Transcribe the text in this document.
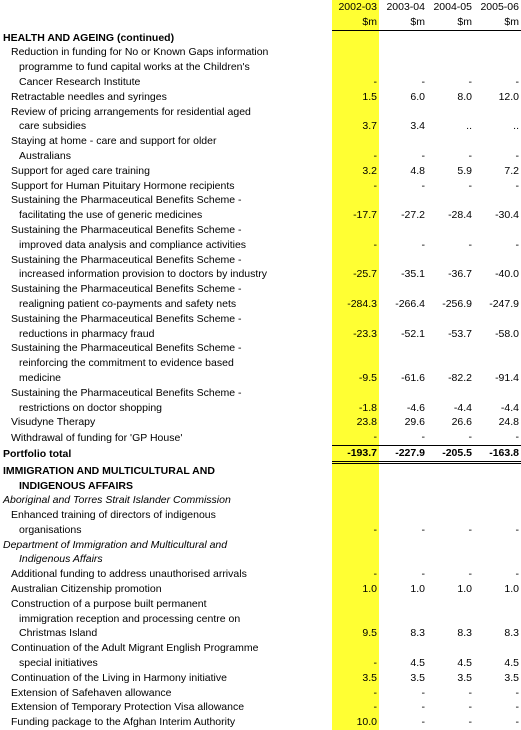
	2002-03	2003-04	2004-05	2005-06
	$m	$m	$m	$m
HEALTH AND AGEING (continued)				
Reduction in funding for No or Known Gaps information				
programme to fund capital works at the Children's				
Cancer Research Institute	-	-	-	-
Retractable needles and syringes	1.5	6.0	8.0	12.0
Review of pricing arrangements for residential aged				
care subsidies	3.7	3.4	..	..
Staying at home - care and support for older				
Australians	-	-	-	-
Support for aged care training	3.2	4.8	5.9	7.2
Support for Human Pituitary Hormone recipients	-	-	-	-
Sustaining the Pharmaceutical Benefits Scheme -				
facilitating the use of generic medicines	-17.7	-27.2	-28.4	-30.4
Sustaining the Pharmaceutical Benefits Scheme -				
improved data analysis and compliance activities	-	-	-	-
Sustaining the Pharmaceutical Benefits Scheme -				
increased information provision to doctors by industry	-25.7	-35.1	-36.7	-40.0
Sustaining the Pharmaceutical Benefits Scheme -				
realigning patient co-payments and safety nets	-284.3	-266.4	-256.9	-247.9
Sustaining the Pharmaceutical Benefits Scheme -				
reductions in pharmacy fraud	-23.3	-52.1	-53.7	-58.0
Sustaining the Pharmaceutical Benefits Scheme -				
reinforcing the commitment to evidence based				
medicine	-9.5	-61.6	-82.2	-91.4
Sustaining the Pharmaceutical Benefits Scheme -				
restrictions on doctor shopping	-1.8	-4.6	-4.4	-4.4
Visudyne Therapy	23.8	29.6	26.6	24.8
Withdrawal of funding for 'GP House'	-	-	-	-
Portfolio total	-193.7	-227.9	-205.5	-163.8
IMMIGRATION AND MULTICULTURAL AND				
INDIGENOUS AFFAIRS				
Aboriginal and Torres Strait Islander Commission				
Enhanced training of directors of indigenous				
organisations	-	-	-	-
Department of Immigration and Multicultural and				
Indigenous Affairs				
Additional funding to address unauthorised arrivals	-	-	-	-
Australian Citizenship promotion	1.0	1.0	1.0	1.0
Construction of a purpose built permanent				
immigration reception and processing centre on				
Christmas Island	9.5	8.3	8.3	8.3
Continuation of the Adult Migrant English Programme				
special initiatives	-	4.5	4.5	4.5
Continuation of the Living in Harmony initiative	3.5	3.5	3.5	3.5
Extension of Safehaven allowance	-	-	-	-
Extension of Temporary Protection Visa allowance	-	-	-	-
Funding package to the Afghan Interim Authority	10.0	-	-	-
